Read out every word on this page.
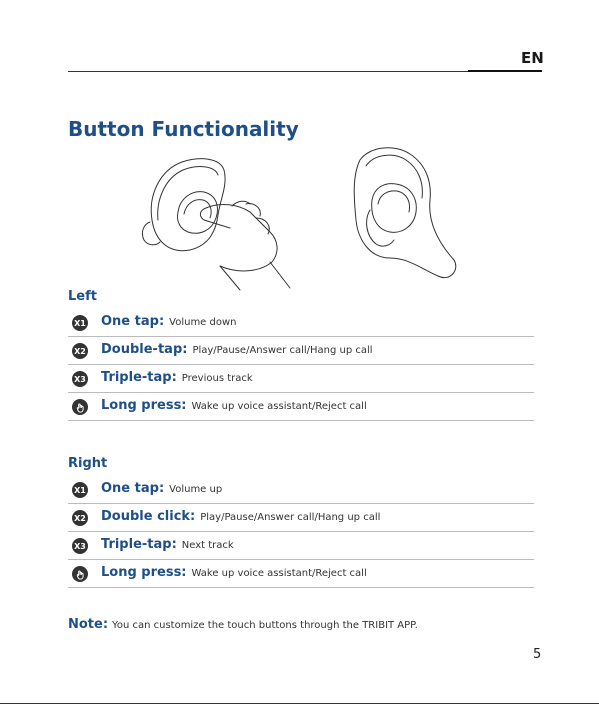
EN
Button Functionality
Left
X1 One tap: Volume down
X2 Double-tap: Play/Pause/Answer call/Hang up call
X3 Triple-tap: Previous track
Long press: Wake up voice assistant/Reject call
Right
X1 One tap: Volume up
X2 Double click: Play/Pause/Answer call/Hang up call
X3 Triple-tap: Next track
Long press: Wake up voice assistant/Reject call
Note: You can customize the touch buttons through the TRIBIT APP.
5
